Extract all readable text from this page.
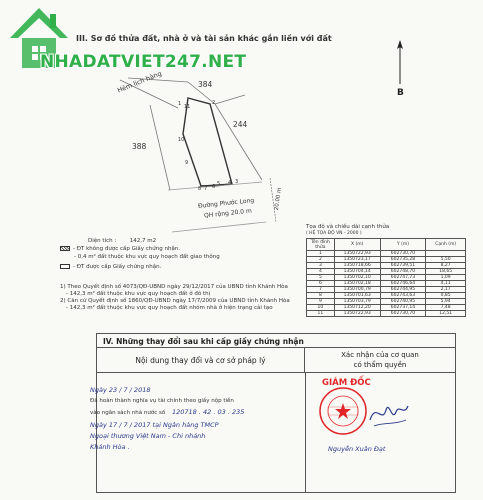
Hẻm lịch hàng	384
244
388
1	2
3
4
5
6
7
8
9
10
11
20.00 m
Đường Phước Long
QH rộng 20.0 m
B
III. Sơ đồ thửa đất, nhà ở và tài sản khác gắn liền với đất
NHADATVIET247.NET
Diện tích : 142,7 m2
- ĐT không được cấp Giấy chứng nhận.
- 0,4 m² đất thuộc khu vực quy hoạch đất giao thông
- ĐT được cấp Giấy chứng nhận.
1) Theo Quyết định số 4073/QĐ-UBND ngày 29/12/2017 của UBND tỉnh Khánh Hòa
- 142,3 m² đất thuộc khu vực quy hoạch đất ở đô thị
2) Căn cứ Quyết định số 1860/QĐ-UBND ngày 17/7/2009 của UBND tỉnh Khánh Hòa
- 142,3 m² đất thuộc khu vực quy hoạch đất nhóm nhà ở hiện trạng cải tạo
Tọa độ và chiều dài cạnh thửa
( HỆ TỌA ĐỘ VN - 2000 )
Tên đỉnh thửa	X (m)	Y (m)	Cạnh (m)
1	1350722,93	602730,70	
2	1350723,17	602735,28	5,50
3	1350718,66	602739,51	8,27
4	1350704,14	602748,70	18,65
5	1350702,10	602747,73	1,09
6	1350702,18	602746,64	4,11
7	1350700,79	602744,95	2,17
8	1350701,63	602743,63	0,85
9	1350703,79	602740,95	5,94
10	1350712,20	602737,14	7,48
11	1350722,93	602730,70	12,51
IV. Những thay đổi sau khi cấp giấy chứng nhận
Nội dung thay đổi và cơ sở pháp lý
Xác nhận của cơ quan
có thẩm quyền
Ngày 23 / 7 / 2018
Đã hoàn thành nghĩa vụ tài chính theo giấy nộp tiền
vào ngân sách nhà nước số 120718 . 42 . 03 . 235
Ngày 17 / 7 / 2017 tại Ngân hàng TMCP
Ngoại thương Việt Nam - Chi nhánh
Khánh Hòa .
GIÁM ĐỐC
Nguyễn Xuân Đạt
